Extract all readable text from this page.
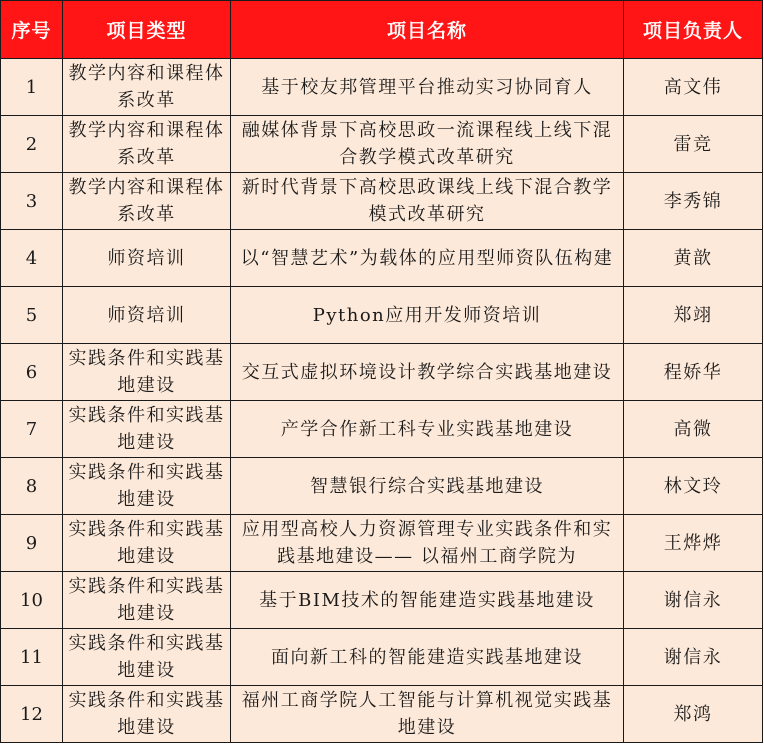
序号	项目类型	项目名称	项目负责人
1	教学内容和课程体系改革	基于校友邦管理平台推动实习协同育人	高文伟
2	教学内容和课程体系改革	融媒体背景下高校思政一流课程线上线下混合教学模式改革研究	雷竞
3	教学内容和课程体系改革	新时代背景下高校思政课线上线下混合教学模式改革研究	李秀锦
4	师资培训	以“智慧艺术”为载体的应用型师资队伍构建	黄歆
5	师资培训	Python应用开发师资培训	郑翊
6	实践条件和实践基地建设	交互式虚拟环境设计教学综合实践基地建设	程娇华
7	实践条件和实践基地建设	产学合作新工科专业实践基地建设	高微
8	实践条件和实践基地建设	智慧银行综合实践基地建设	林文玲
9	实践条件和实践基地建设	应用型高校人力资源管理专业实践条件和实践基地建设—— 以福州工商学院为	王烨烨
10	实践条件和实践基地建设	基于BIM技术的智能建造实践基地建设	谢信永
11	实践条件和实践基地建设	面向新工科的智能建造实践基地建设	谢信永
12	实践条件和实践基地建设	福州工商学院人工智能与计算机视觉实践基地建设	郑鸿
